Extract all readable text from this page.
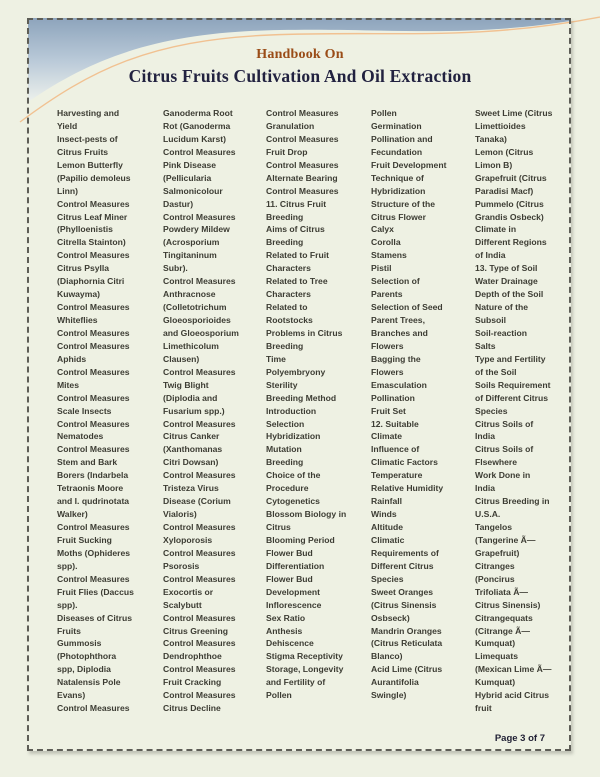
Handbook On
Citrus Fruits Cultivation And Oil Extraction
Harvesting and
Yield
Insect-pests of
Citrus Fruits
Lemon Butterfly
(Papilio demoleus
Linn)
Control Measures
Citrus Leaf Miner
(Phylloenistis
Citrella Stainton)
Control Measures
Citrus Psylla
(Diaphornia Citri
Kuwayma)
Control Measures
Whiteflies
Control Measures
Control Measures
Aphids
Control Measures
Mites
Control Measures
Scale Insects
Control Measures
Nematodes
Control Measures
Stem and Bark
Borers (Indarbela
Tetraonis Moore
and I. qudrinotata
Walker)
Control Measures
Fruit Sucking
Moths (Ophideres
spp).
Control Measures
Fruit Flies (Daccus
spp).
Diseases of Citrus
Fruits
Gummosis
(Photophthora
spp, Diplodia
Natalensis Pole
Evans)
Control Measures
Ganoderma Root
Rot (Ganoderma
Lucidum Karst)
Control Measures
Pink Disease
(Pellicularia
Salmonicolour
Dastur)
Control Measures
Powdery Mildew
(Acrosporium
Tingitaninum
Subr).
Control Measures
Anthracnose
(Colletotrichum
Gloeosporioides
and Gloeosporium
Limethicolum
Clausen)
Control Measures
Twig Blight
(Diplodia and
Fusarium spp.)
Control Measures
Citrus Canker
(Xanthomanas
Citri Dowsan)
Control Measures
Tristeza Virus
Disease (Corium
Vialoris)
Control Measures
Xyloporosis
Control Measures
Psorosis
Control Measures
Exocortis or
Scalybutt
Control Measures
Citrus Greening
Control Measures
Dendrophthoe
Control Measures
Fruit Cracking
Control Measures
Citrus Decline
Control Measures
Granulation
Control Measures
Fruit Drop
Control Measures
Alternate Bearing
Control Measures
11. Citrus Fruit
Breeding
Aims of Citrus
Breeding
Related to Fruit
Characters
Related to Tree
Characters
Related to
Rootstocks
Problems in Citrus
Breeding
Time
Polyembryony
Sterility
Breeding Method
Introduction
Selection
Hybridization
Mutation
Breeding
Choice of the
Procedure
Cytogenetics
Blossom Biology in
Citrus
Blooming Period
Flower Bud
Differentiation
Flower Bud
Development
Inflorescence
Sex Ratio
Anthesis
Dehiscence
Stigma Receptivity
Storage, Longevity
and Fertility of
Pollen
Pollen
Germination
Pollination and
Fecundation
Fruit Development
Technique of
Hybridization
Structure of the
Citrus Flower
Calyx
Corolla
Stamens
Pistil
Selection of
Parents
Selection of Seed
Parent Trees,
Branches and
Flowers
Bagging the
Flowers
Emasculation
Pollination
Fruit Set
12. Suitable
Climate
Influence of
Climatic Factors
Temperature
Relative Humidity
Rainfall
Winds
Altitude
Climatic
Requirements of
Different Citrus
Species
Sweet Oranges
(Citrus Sinensis
Osbseck)
Mandrin Oranges
(Citrus Reticulata
Blanco)
Acid Lime (Citrus
Aurantifolia
Swingle)
Sweet Lime (Citrus
Limettioides
Tanaka)
Lemon (Citrus
Limon B)
Grapefruit (Citrus
Paradisi Macf)
Pummelo (Citrus
Grandis Osbeck)
Climate in
Different Regions
of India
13. Type of Soil
Water Drainage
Depth of the Soil
Nature of the
Subsoil
Soil-reaction
Salts
Type and Fertility
of the Soil
Soils Requirement
of Different Citrus
Species
Citrus Soils of
India
Citrus Soils of
Flsewhere
Work Done in
India
Citrus Breeding in
U.S.A.
Tangelos
(Tangerine Ã—
Grapefruit)
Citranges
(Poncirus
Trifoliata Ã—
Citrus Sinensis)
Citrangequats
(Citrange Ã—
Kumquat)
Limequats
(Mexican Lime Ã—
Kumquat)
Hybrid acid Citrus
fruit
Page 3 of 7
